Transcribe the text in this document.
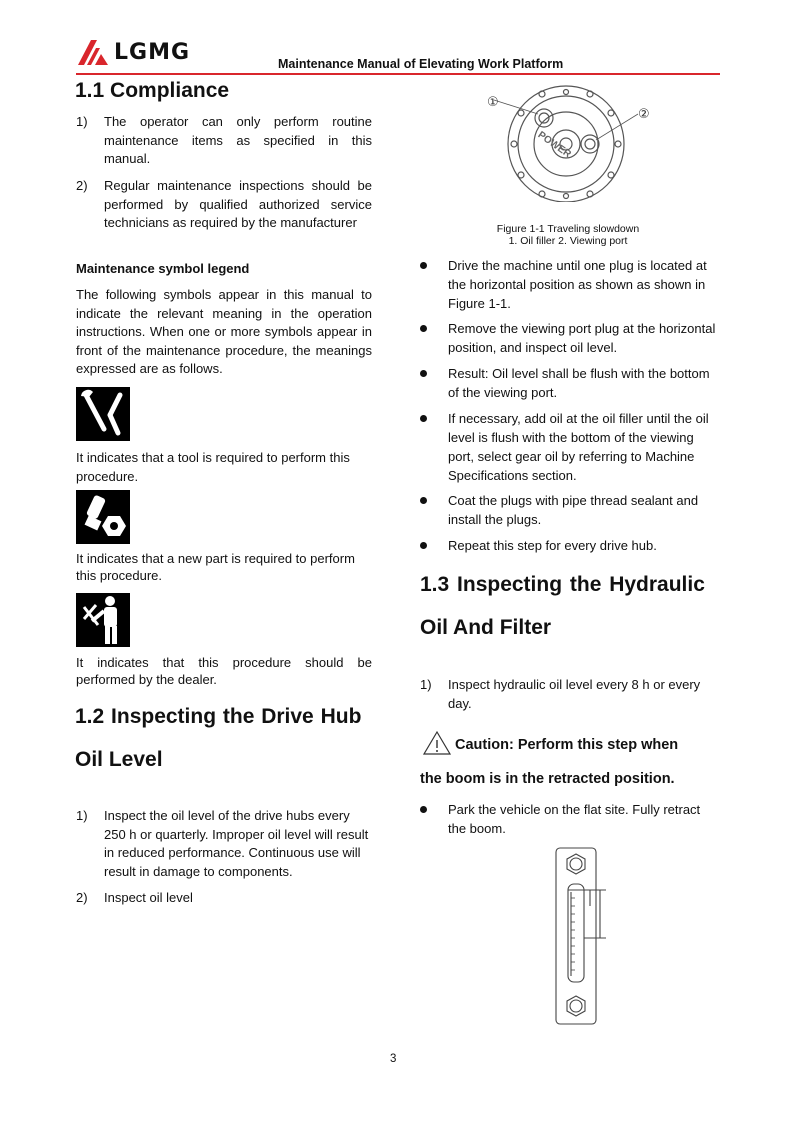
LGMG	Maintenance Manual of Elevating Work Platform
1.1 Compliance
1) The operator can only perform routine maintenance items as specified in this manual.
2) Regular maintenance inspections should be performed by qualified authorized service technicians as required by the manufacturer
Maintenance symbol legend
The following symbols appear in this manual to indicate the relevant meaning in the operation instructions. When one or more symbols appear in front of the maintenance procedure, the meanings expressed are as follows.
It indicates that a tool is required to perform this procedure.
It indicates that a new part is required to perform this procedure.
It indicates that this procedure should be performed by the dealer.
1.2 Inspecting the Drive Hub
Oil Level
1) Inspect the oil level of the drive hubs every 250 h or quarterly. Improper oil level will result in reduced performance. Continuous use will result in damage to components.
2) Inspect oil level
POWER
①
②
Figure 1-1 Traveling slowdown
1. Oil filler 2. Viewing port
Drive the machine until one plug is located at the horizontal position as shown as shown in Figure 1-1.
Remove the viewing port plug at the horizontal position, and inspect oil level.
Result: Oil level shall be flush with the bottom of the viewing port.
If necessary, add oil at the oil filler until the oil level is flush with the bottom of the viewing port, select gear oil by referring to Machine Specifications section.
Coat the plugs with pipe thread sealant and install the plugs.
Repeat this step for every drive hub.
1.3 Inspecting the Hydraulic
Oil And Filter
1) Inspect hydraulic oil level every 8 h or every day.
Caution: Perform this step when
the boom is in the retracted position.
Park the vehicle on the flat site. Fully retract the boom.
3
